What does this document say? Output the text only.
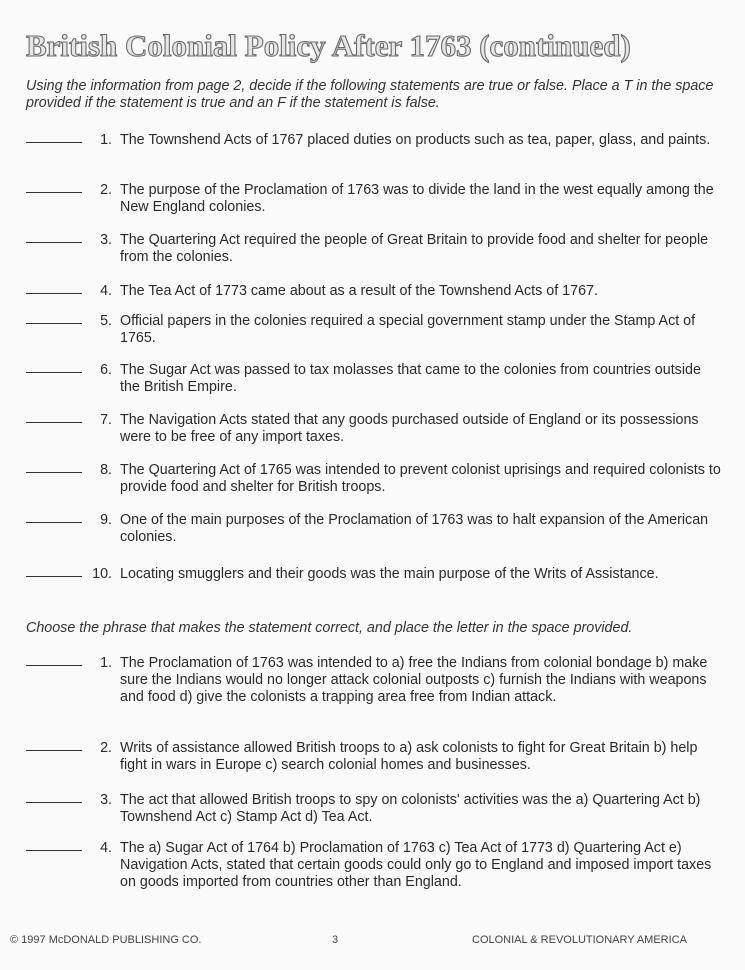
British Colonial Policy After 1763 (continued)
Using the information from page 2, decide if the following statements are true or false. Place a T in the space provided if the statement is true and an F if the statement is false.
1. The Townshend Acts of 1767 placed duties on products such as tea, paper, glass, and paints.
2. The purpose of the Proclamation of 1763 was to divide the land in the west equally among the New England colonies.
3. The Quartering Act required the people of Great Britain to provide food and shelter for people from the colonies.
4. The Tea Act of 1773 came about as a result of the Townshend Acts of 1767.
5. Official papers in the colonies required a special government stamp under the Stamp Act of 1765.
6. The Sugar Act was passed to tax molasses that came to the colonies from countries outside the British Empire.
7. The Navigation Acts stated that any goods purchased outside of England or its possessions were to be free of any import taxes.
8. The Quartering Act of 1765 was intended to prevent colonist uprisings and required colonists to provide food and shelter for British troops.
9. One of the main purposes of the Proclamation of 1763 was to halt expansion of the American colonies.
10. Locating smugglers and their goods was the main purpose of the Writs of Assistance.
Choose the phrase that makes the statement correct, and place the letter in the space provided.
1. The Proclamation of 1763 was intended to a) free the Indians from colonial bondage b) make sure the Indians would no longer attack colonial outposts c) furnish the Indians with weapons and food d) give the colonists a trapping area free from Indian attack.
2. Writs of assistance allowed British troops to a) ask colonists to fight for Great Britain b) help fight in wars in Europe c) search colonial homes and businesses.
3. The act that allowed British troops to spy on colonists' activities was the a) Quartering Act b) Townshend Act c) Stamp Act d) Tea Act.
4. The a) Sugar Act of 1764 b) Proclamation of 1763 c) Tea Act of 1773 d) Quartering Act e) Navigation Acts, stated that certain goods could only go to England and imposed import taxes on goods imported from countries other than England.
© 1997 McDONALD PUBLISHING CO.	3	COLONIAL & REVOLUTIONARY AMERICA
